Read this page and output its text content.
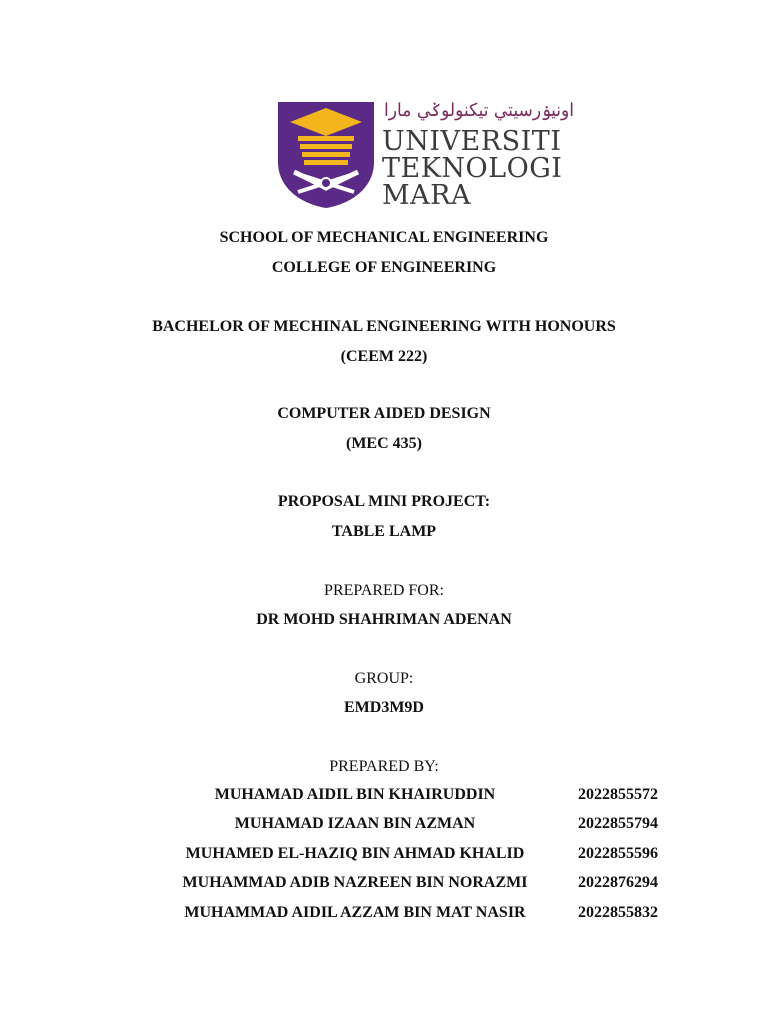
اونيۏرسيتي تيكنولوݢي مارا
UNIVERSITI
TEKNOLOGI
MARA
SCHOOL OF MECHANICAL ENGINEERING
COLLEGE OF ENGINEERING
BACHELOR OF MECHINAL ENGINEERING WITH HONOURS
(CEEM 222)
COMPUTER AIDED DESIGN
(MEC 435)
PROPOSAL MINI PROJECT:
TABLE LAMP
PREPARED FOR:
DR MOHD SHAHRIMAN ADENAN
GROUP:
EMD3M9D
PREPARED BY:
MUHAMAD AIDIL BIN KHAIRUDDIN	2022855572
MUHAMAD IZAAN BIN AZMAN	2022855794
MUHAMED EL-HAZIQ BIN AHMAD KHALID	2022855596
MUHAMMAD ADIB NAZREEN BIN NORAZMI	2022876294
MUHAMMAD AIDIL AZZAM BIN MAT NASIR	2022855832
